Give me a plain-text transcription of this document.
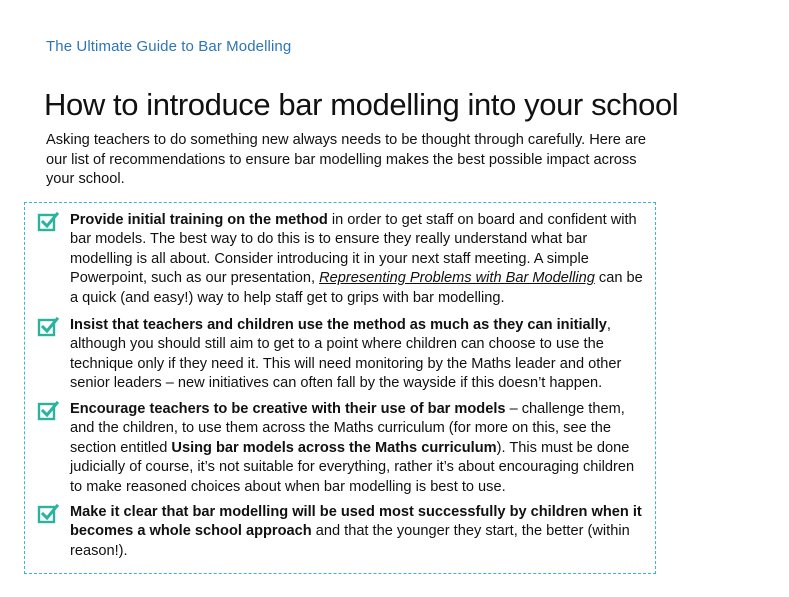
The Ultimate Guide to Bar Modelling
How to introduce bar modelling into your school

Asking teachers to do something new always needs to be thought through carefully. Here are our list of recommendations to ensure bar modelling makes the best possible impact across your school.

Provide initial training on the method in order to get staff on board and confident with bar models. The best way to do this is to ensure they really understand what bar modelling is all about. Consider introducing it in your next staff meeting. A simple Powerpoint, such as our presentation, Representing Problems with Bar Modelling can be a quick (and easy!) way to help staff get to grips with bar modelling.

Insist that teachers and children use the method as much as they can initially, although you should still aim to get to a point where children can choose to use the technique only if they need it. This will need monitoring by the Maths leader and other senior leaders – new initiatives can often fall by the wayside if this doesn’t happen.

Encourage teachers to be creative with their use of bar models – challenge them, and the children, to use them across the Maths curriculum (for more on this, see the section entitled Using bar models across the Maths curriculum). This must be done judicially of course, it’s not suitable for everything, rather it’s about encouraging children to make reasoned choices about when bar modelling is best to use.

Make it clear that bar modelling will be used most successfully by children when it becomes a whole school approach and that the younger they start, the better (within reason!).
